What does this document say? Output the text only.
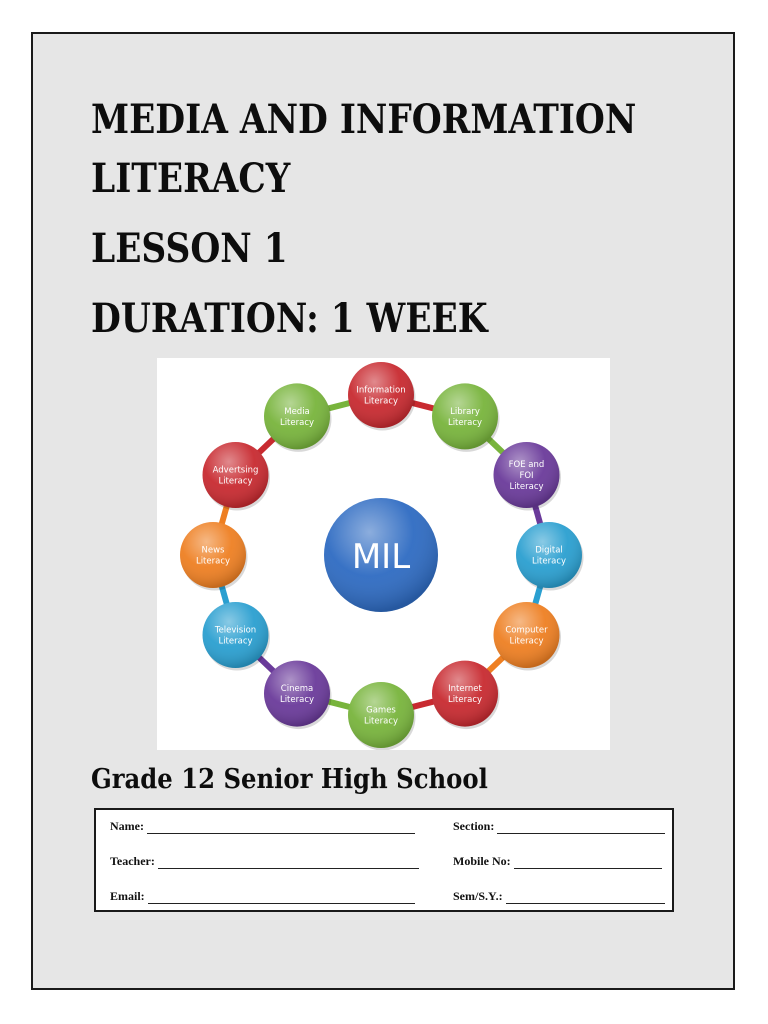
MEDIA AND INFORMATION
LITERACY
LESSON 1
DURATION: 1 WEEK
MIL
Information
Literacy
Library
Literacy
FOE and
FOI
Literacy
Digital
Literacy
Computer
Literacy
Internet
Literacy
Games
Literacy
Cinema
Literacy
Television
Literacy
News
Literacy
Advertsing
Literacy
Media
Literacy
Grade 12 Senior High School
Name:	Section:
Teacher:	Mobile No:
Email:	Sem/S.Y.:
